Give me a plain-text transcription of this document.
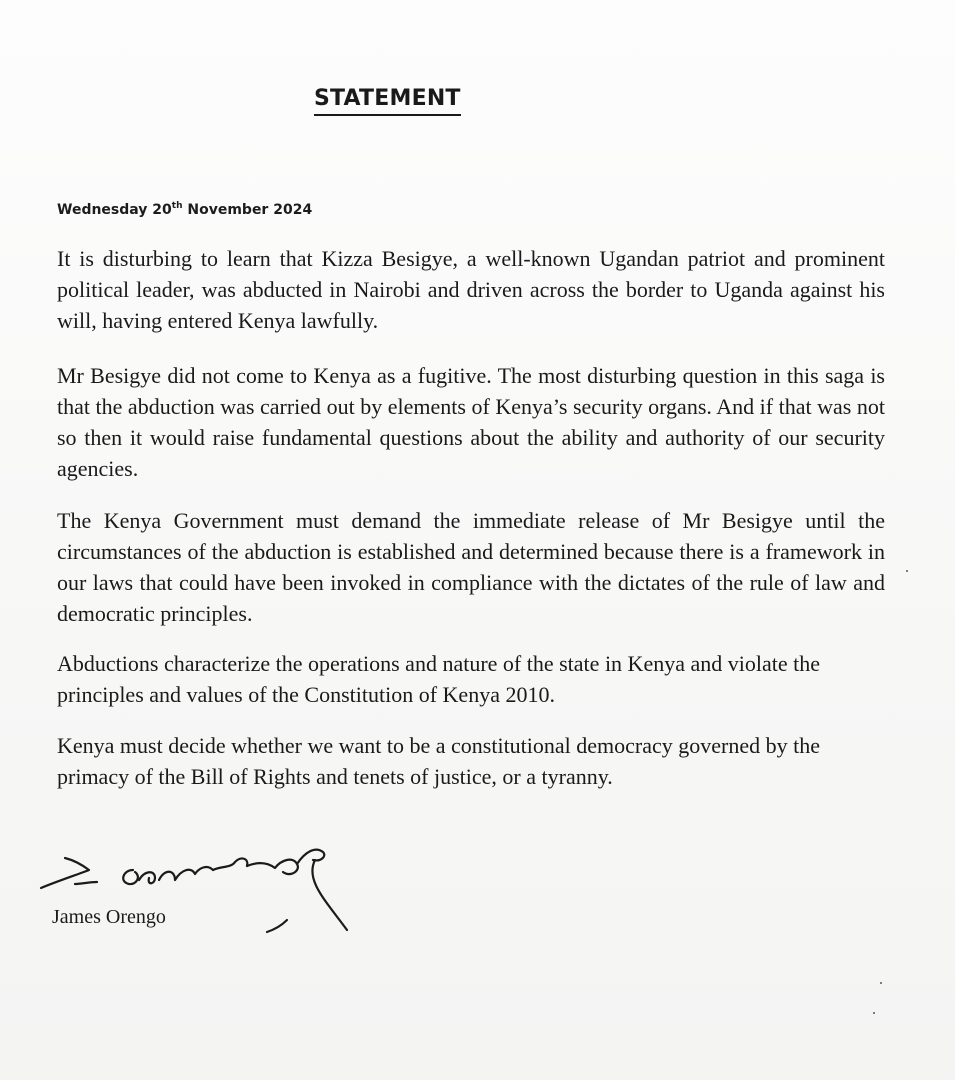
STATEMENT
Wednesday 20th November 2024

It is disturbing to learn that Kizza Besigye, a well-known Ugandan patriot and prominent political leader, was abducted in Nairobi and driven across the border to Uganda against his will, having entered Kenya lawfully.

Mr Besigye did not come to Kenya as a fugitive. The most disturbing question in this saga is that the abduction was carried out by elements of Kenya’s security organs. And if that was not so then it would raise fundamental questions about the ability and authority of our security agencies.

The Kenya Government must demand the immediate release of Mr Besigye until the circumstances of the abduction is established and determined because there is a framework in our laws that could have been invoked in compliance with the dictates of the rule of law and democratic principles.

Abductions characterize the operations and nature of the state in Kenya and violate the principles and values of the Constitution of Kenya 2010.

Kenya must decide whether we want to be a constitutional democracy governed by the primacy of the Bill of Rights and tenets of justice, or a tyranny.

James Orengo
